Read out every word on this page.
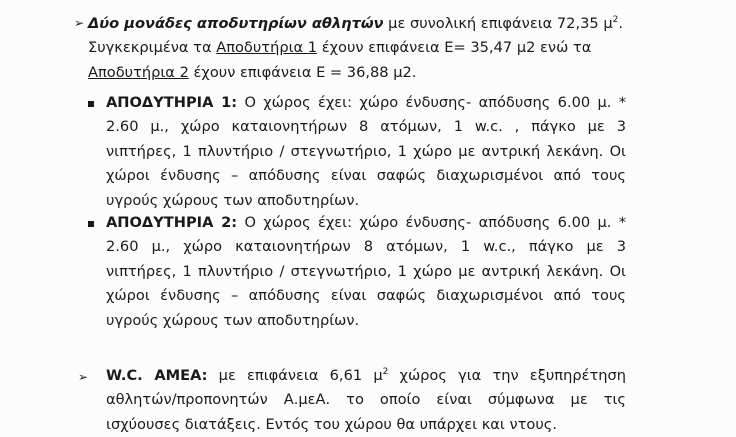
➢ Δύο μονάδες αποδυτηρίων αθλητών με συνολική επιφάνεια 72,35 $\mu^2$.
Συγκεκριμένα τα Αποδυτήρια 1 έχουν επιφάνεια Ε= 35,47 μ2 ενώ τα
Αποδυτήρια 2 έχουν επιφάνεια Ε = 36,88 μ2.
ΑΠΟΔΥΤΗΡΙΑ 1: Ο χώρος έχει: χώρο ένδυσης- απόδυσης 6.00 μ. *
2.60 μ., χώρο καταιονητήρων 8 ατόμων, 1 w.c. , πάγκο με 3
νιπτήρες, 1 πλυντήριο / στεγνωτήριο, 1 χώρο με αντρική λεκάνη. Οι
χώροι ένδυσης – απόδυσης είναι σαφώς διαχωρισμένοι από τους
υγρούς χώρους των αποδυτηρίων.
ΑΠΟΔΥΤΗΡΙΑ 2: Ο χώρος έχει: χώρο ένδυσης- απόδυσης 6.00 μ. *
2.60 μ., χώρο καταιονητήρων 8 ατόμων, 1 w.c., πάγκο με 3
νιπτήρες, 1 πλυντήριο / στεγνωτήριο, 1 χώρο με αντρική λεκάνη. Οι
χώροι ένδυσης – απόδυσης είναι σαφώς διαχωρισμένοι από τους
υγρούς χώρους των αποδυτηρίων.
➢ W.C. AMEA: με επιφάνεια 6,61 $\mu^2$ χώρος για την εξυπηρέτηση
αθλητών/προπονητών Α.μεΑ. το οποίο είναι σύμφωνα με τις
ισχύουσες διατάξεις. Εντός του χώρου θα υπάρχει και ντους.
